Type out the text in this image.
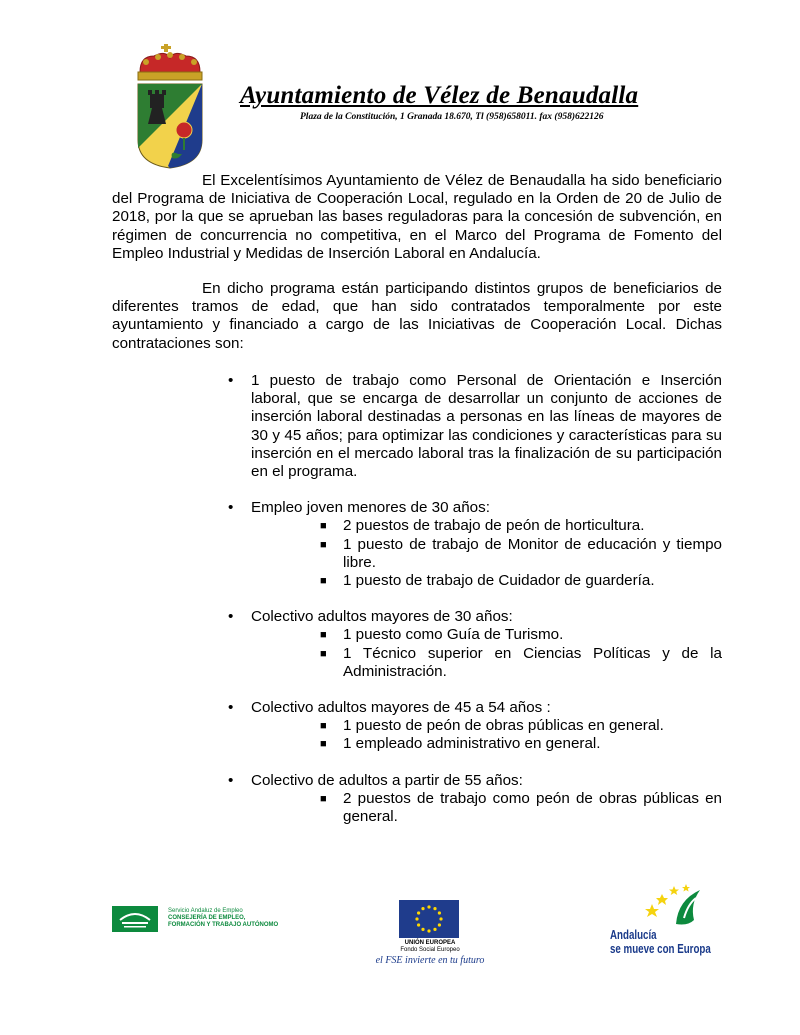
Ayuntamiento de Vélez de Benaudalla
Plaza de la Constitución, 1 Granada 18.670, Tl (958)658011. fax (958)622126
El Excelentísimos Ayuntamiento de Vélez de Benaudalla ha sido beneficiario del Programa de Iniciativa de Cooperación Local, regulado en la Orden de 20 de Julio de 2018, por la que se aprueban las bases reguladoras para la concesión de subvención, en régimen de concurrencia no competitiva, en el Marco del Programa de Fomento del Empleo Industrial y Medidas de Inserción Laboral en Andalucía.
En dicho programa están participando distintos grupos de beneficiarios de diferentes tramos de edad, que han sido contratados temporalmente por este ayuntamiento y financiado a cargo de las Iniciativas de Cooperación Local. Dichas contrataciones son:
• 1 puesto de trabajo como Personal de Orientación e Inserción laboral, que se encarga de desarrollar un conjunto de acciones de inserción laboral destinadas a personas en las líneas de mayores de 30 y 45 años; para optimizar las condiciones y características para su inserción en el mercado laboral tras la finalización de su participación en el programa.
• Empleo joven menores de 30 años:
■ 2 puestos de trabajo de peón de horticultura.
■ 1 puesto de trabajo de Monitor de educación y tiempo libre.
■ 1 puesto de trabajo de Cuidador de guardería.
• Colectivo adultos mayores de 30 años:
■ 1 puesto como Guía de Turismo.
■ 1 Técnico superior en Ciencias Políticas y de la Administración.
• Colectivo adultos mayores de 45 a 54 años :
■ 1 puesto de peón de obras públicas en general.
■ 1 empleado administrativo en general.
• Colectivo de adultos a partir de 55 años:
■ 2 puestos de trabajo como peón de obras públicas en general.
Servicio Andaluz de Empleo
CONSEJERÍA DE EMPLEO,
FORMACIÓN Y TRABAJO AUTÓNOMO
UNIÓN EUROPEA
Fondo Social Europeo
el FSE invierte en tu futuro
Andalucía
se mueve con Europa
